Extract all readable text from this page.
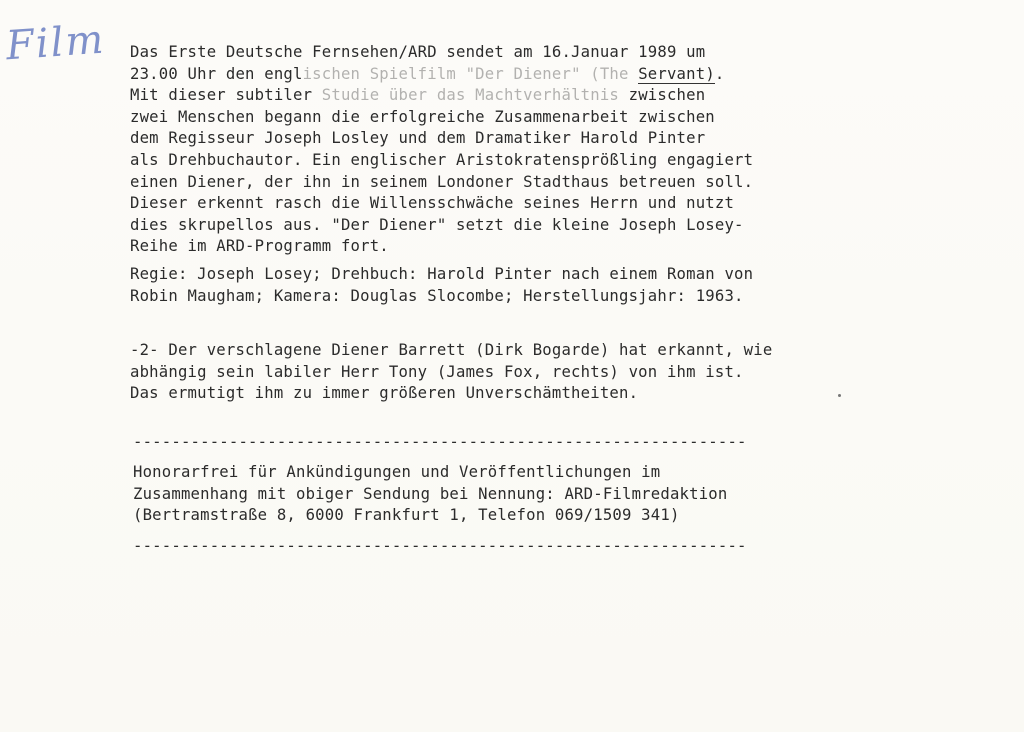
Film Das Erste Deutsche Fernsehen/ARD sendet am 16.Januar 1989 um
23.00 Uhr den englischen Spielfilm "Der Diener" (The Servant).
Mit dieser subtiler Studie über das Machtverhältnis zwischen
zwei Menschen begann die erfolgreiche Zusammenarbeit zwischen
dem Regisseur Joseph Losley und dem Dramatiker Harold Pinter
als Drehbuchautor. Ein englischer Aristokratensprößling engagiert
einen Diener, der ihn in seinem Londoner Stadthaus betreuen soll.
Dieser erkennt rasch die Willensschwäche seines Herrn und nutzt
dies skrupellos aus. "Der Diener" setzt die kleine Joseph Losey-
Reihe im ARD-Programm fort.
Regie: Joseph Losey; Drehbuch: Harold Pinter nach einem Roman von
Robin Maugham; Kamera: Douglas Slocombe; Herstellungsjahr: 1963.
-2- Der verschlagene Diener Barrett (Dirk Bogarde) hat erkannt, wie
abhängig sein labiler Herr Tony (James Fox, rechts) von ihm ist.
Das ermutigt ihm zu immer größeren Unverschämtheiten.
----------------------------------------------------------------
Honorarfrei für Ankündigungen und Veröffentlichungen im
Zusammenhang mit obiger Sendung bei Nennung: ARD-Filmredaktion
(Bertramstraße 8, 6000 Frankfurt 1, Telefon 069/1509 341)
----------------------------------------------------------------
